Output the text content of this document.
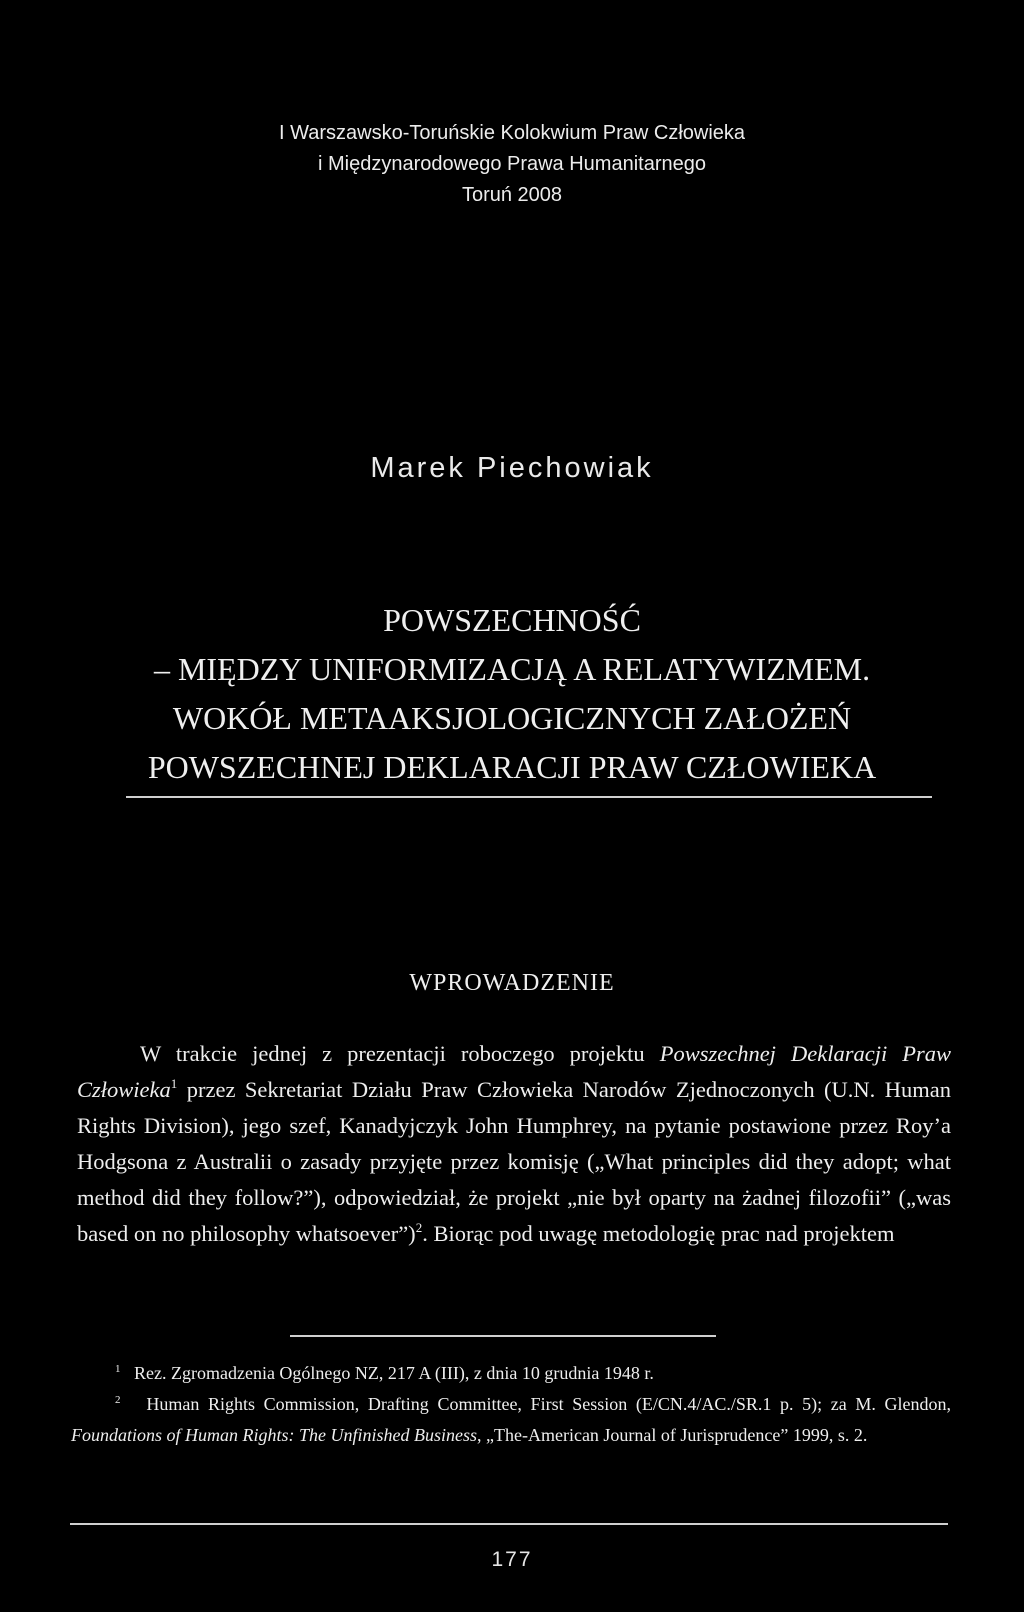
I Warszawsko-Toruńskie Kolokwium Praw Człowieka
i Międzynarodowego Prawa Humanitarnego
Toruń 2008
Marek Piechowiak
POWSZECHNOŚĆ
– MIĘDZY UNIFORMIZACJĄ A RELATYWIZMEM.
WOKÓŁ METAAKSJOLOGICZNYCH ZAŁOŻEŃ
POWSZECHNEJ DEKLARACJI PRAW CZŁOWIEKA
WPROWADZENIE
W trakcie jednej z prezentacji roboczego projektu Powszechnej Deklaracji Praw Człowieka$^1$ przez Sekretariat Działu Praw Człowieka Narodów Zjednoczonych (U.N. Human Rights Division), jego szef, Kanadyjczyk John Humphrey, na pytanie postawione przez Roy’a Hodgsona z Australii o zasady przyjęte przez komisję („What principles did they adopt; what method did they follow?”), odpowiedział, że projekt „nie był oparty na żadnej filozofii” („was based on no philosophy whatsoever”)$^2$. Biorąc pod uwagę metodologię prac nad projektem
$^1$ Rez. Zgromadzenia Ogólnego NZ, 217 A (III), z dnia 10 grudnia 1948 r.
$^2$ Human Rights Commission, Drafting Committee, First Session (E/CN.4/AC./SR.1 p. 5); za M. Glendon, Foundations of Human Rights: The Unfinished Business, „The-American Journal of Jurisprudence” 1999, s. 2.
177
